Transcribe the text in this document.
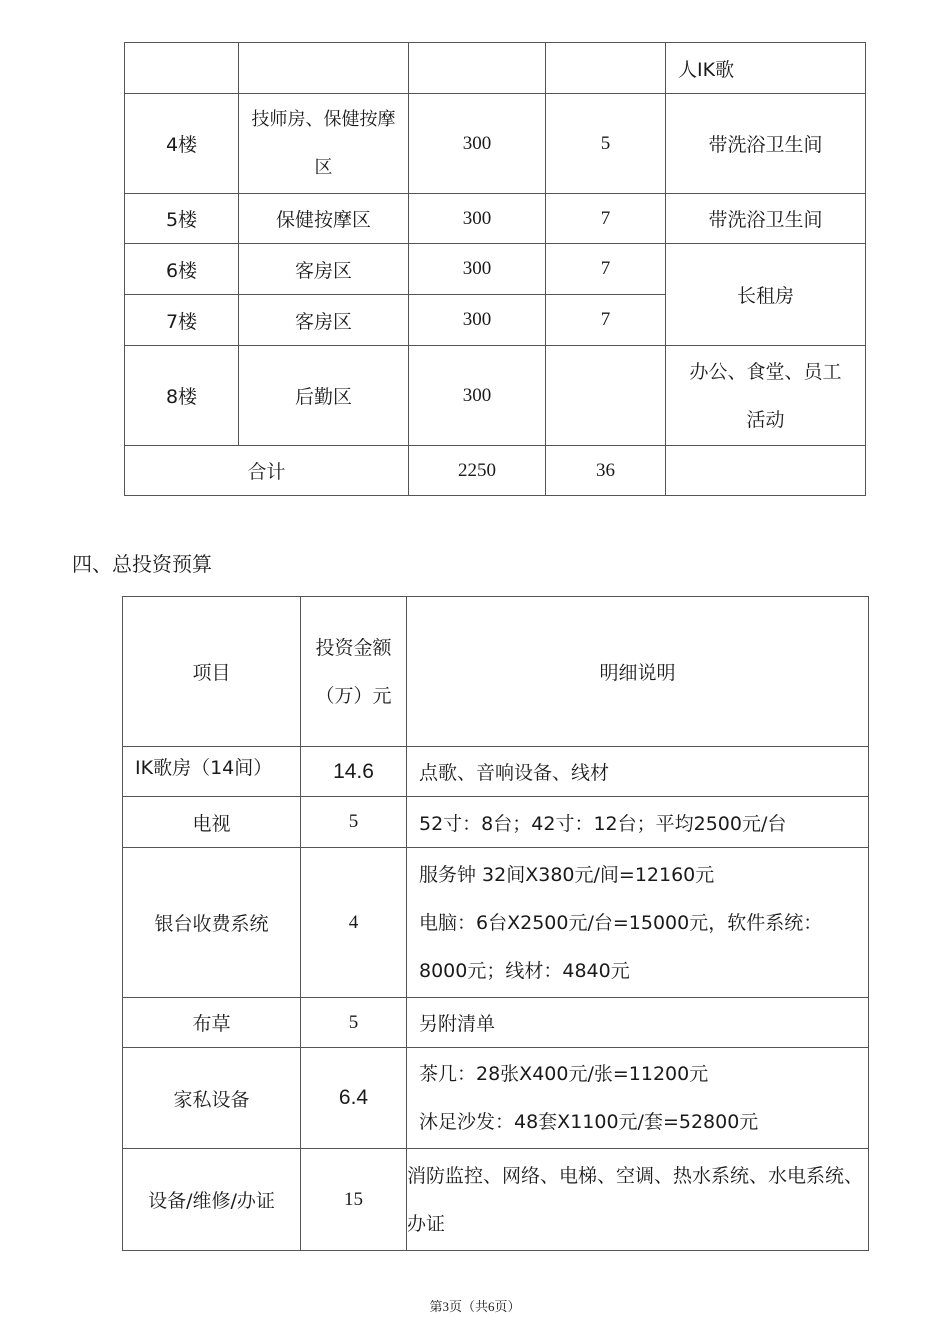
				人IK歌
4楼	技师房、保健按摩区	300	5	带洗浴卫生间
5楼	保健按摩区	300	7	带洗浴卫生间
6楼	客房区	300	7	长租房
7楼	客房区	300	7	
8楼	后勤区	300		办公、食堂、员工活动
合计		2250	36	
四、总投资预算
项目	投资金额（万）元	明细说明
IK歌房（14间）	14.6	点歌、音响设备、线材
电视	5	52寸：8台；42寸：12台；平均2500元/台
银台收费系统	4	服务钟 32间X380元/间=12160元
电脑：6台X2500元/台=15000元，软件系统：8000元；线材：4840元

布草	5	另附清单
家私设备	6.4	茶几：28张X400元/张=11200元
沐足沙发：48套X1100元/套=52800元

设备/维修/办证	15	消防监控、网络、电梯、空调、热水系统、水电系统、办证
第3页（共6页）
